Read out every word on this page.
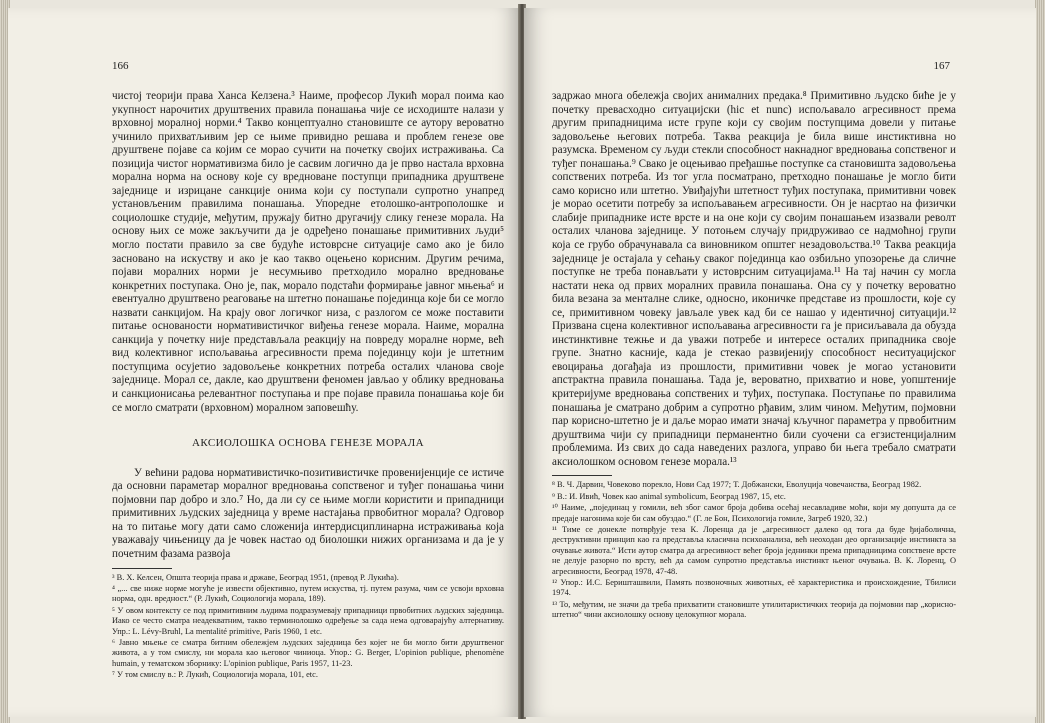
166

чистој теорији права Ханса Келзена.³ Наиме, професор Лукић морал поима као укупност нарочитих друштвених правила понашања чије се исходиште налази у врховној моралној норми.⁴ Такво концептуално становиште се аутору вероватно учинило прихватљивим јер се њиме привидно решава и проблем генезе ове друштвене појаве са којим се морао сучити на почетку својих истраживања. Са позиција чистог нормативизма било је сасвим логично да је прво настала врховна морална норма на основу које су вредноване поступци припадника друштвене заједнице и изрицане санкције онима који су поступали супротно унапред установљеним правилима понашања. Упоредне етолошко-антрополошке и социолошке студије, међутим, пружају битно другачију слику генезе морала. На основу њих се може закључити да је одређено понашање примитивних људи⁵ могло постати правило за све будуће истоврсне ситуације само ако је било засновано на искуству и ако је као такво оцењено корисним. Другим речима, појави моралних норми је несумњиво претходило морално вредновање конкретних поступака. Оно је, пак, морало подстаћи формирање јавног мњења⁶ и евентуално друштвено реаговање на штетно понашање појединца које би се могло назвати санкцијом. На крају овог логичког низа, с разлогом се може поставити питање основаности нормативистичког виђења генезе морала. Наиме, морална санкција у почетку није представљала реакцију на повреду моралне норме, већ вид колективног испољавања агресивности према појединцу који је штетним поступцима осујетио задовољење конкретних потреба осталих чланова своје заједнице. Морал се, дакле, као друштвени феномен јављао у облику вредновања и санкционисања релевантног поступања и пре појаве правила понашања које би се могло сматрати (врховном) моралном заповешћу.

АКСИОЛОШКА ОСНОВА ГЕНЕЗЕ МОРАЛА

У већини радова нормативистичко-позитивистичке провенијенције се истиче да основни параметар моралног вредновања сопственог и туђег понашања чини појмовни пар добро и зло.⁷ Но, да ли су се њиме могли користити и припадници примитивних људских заједница у време настајања првобитног морала? Одговор на то питање могу дати само сложенија интердисциплинарна истраживања која уважавају чињеницу да је човек настао од биолошки нижих организама и да је у почетним фазама развоја

³ В. Х. Келсен, Општа теорија права и државе, Београд 1951, (превод Р. Лукића).

⁴ „... све ниже норме могуће је извести објективно, путем искуства, тј. путем разума, чим се усвоји врховна норма, одн. вредност.“ (Р. Лукић, Социологија морала, 189).

⁵ У овом контексту се под примитивним људима подразумевају припадници првобитних људских заједница. Иако се честo сматра неадекватним, такво терминолошко одређење за сада нема одговарајућу алтернативу. Упр.: L. Lévy-Bruhl, La mentalité primitive, Paris 1960, 1 etc.

⁶ Јавно мњење се сматра битним обележјем људских заједница без којег не би могло бити друштвеног живота, а у том смислу, ни морала као његовог чиниоца. Упор.: G. Berger, L'opinion publique, phenomène humain, у тематском зборнику: L'opinion publique, Paris 1957, 11-23.

⁷ У том смислу в.: Р. Лукић, Социологија морала, 101, etc.

167

задржао многа обележја својих анималних предака.⁸ Примитивно људско биће је у почетку превасходно ситуацијски (hic et nunc) испољавало агресивност према другим припадницима исте групе који су својим поступцима довели у питање задовољење његових потреба. Таква реакција је била више инстиктивна но разумска. Временом су људи стекли способност накнадног вредновања сопственог и туђег понашања.⁹ Свако је оцењивао пређашње поступке са становишта задовољења сопствених потреба. Из тог угла посматрано, претходно понашање је могло бити само корисно или штетно. Увиђајући штетност туђих поступака, примитивни човек је морао осетити потребу за испољавањем агресивности. Он је насртао на физички слабије припаднике исте врсте и на оне који су својим понашањем изазвали револт осталих чланова заједнице. У потоњем случају придруживао се надмоћној групи која се грубо обрачунавала са виновником општег незадовољства.¹⁰ Таква реакција заједнице је остајала у сећању сваког појединца као озбиљно упозорење да сличне поступке не треба понављати у истоврсним ситуацијама.¹¹ На тај начин су могла настати нека од првих моралних правила понашања. Она су у почетку вероватно била везана за менталне слике, односно, иконичке представе из прошлости, које су се, примитивном човеку јављале увек кад би се нашао у идентичној ситуацији.¹² Призвана сцена колективног испољавања агресивности га је присиљавала да обузда инстинктивне тежње и да уважи потребе и интересе осталих припадника своје групе. Знатно касније, када је стекао развијенију способност неситуацијског евоцирања догађаја из прошлости, примитивни човек је могао установити апстрактна правила понашања. Тада је, вероватно, прихватио и нове, уопштеније критеријуме вредновања сопствених и туђих, поступака. Поступање по правилима понашања је сматрано добрим а супротно рђавим, злим чином. Међутим, појмовни пар корисно-штетно је и даље морао имати значај кључног параметра у првобитним друштвима чији су припадници перманентно били суочени са егзистенцијалним проблемима. Из свих до сада наведених разлога, управо би њега требало сматрати аксиолошком основом генезе морала.¹³

⁸ В. Ч. Дарвин, Човеково порекло, Нови Сад 1977; Т. Добжански, Еволуција човечанства, Београд 1982.

⁹ В.: И. Ивић, Човек као animal symbolicum, Београд 1987, 15, etc.

¹⁰ Наиме, „појединац у гомили, већ због самог броја добива осећај несавладиве моћи, који му допушта да се предаје нагонима које би сам обуздао.“ (Г. ле Бон, Психологија гомиле, Загреб 1920, 32.)

¹¹ Тиме се донекле потврђује теза К. Лоренца да је „агресивност далеко од тога да буде ђијаболична, деструктивни принцип као га представља класична психоанализа, већ неоходан део организације инстинкта за очување живота.“ Исти аутор сматра да агресивност већег броја једнинки према припадницима сопствене врсте не делује разорно по врсту, већ да самом супротно представља инстинкт њеног очувања. В. К. Лоренц, О агресивности, Београд 1978, 47-48.

¹² Упор.: И.С. Беришташвили, Память позвоночных животных, её характеристика и происхождение, Тбилиси 1974.

¹³ То, међутим, не значи да треба прихватити становиште утилитаристичких теорија да појмовни пар „корисно-штетно“ чини аксиолошку основу целокупног морала.
